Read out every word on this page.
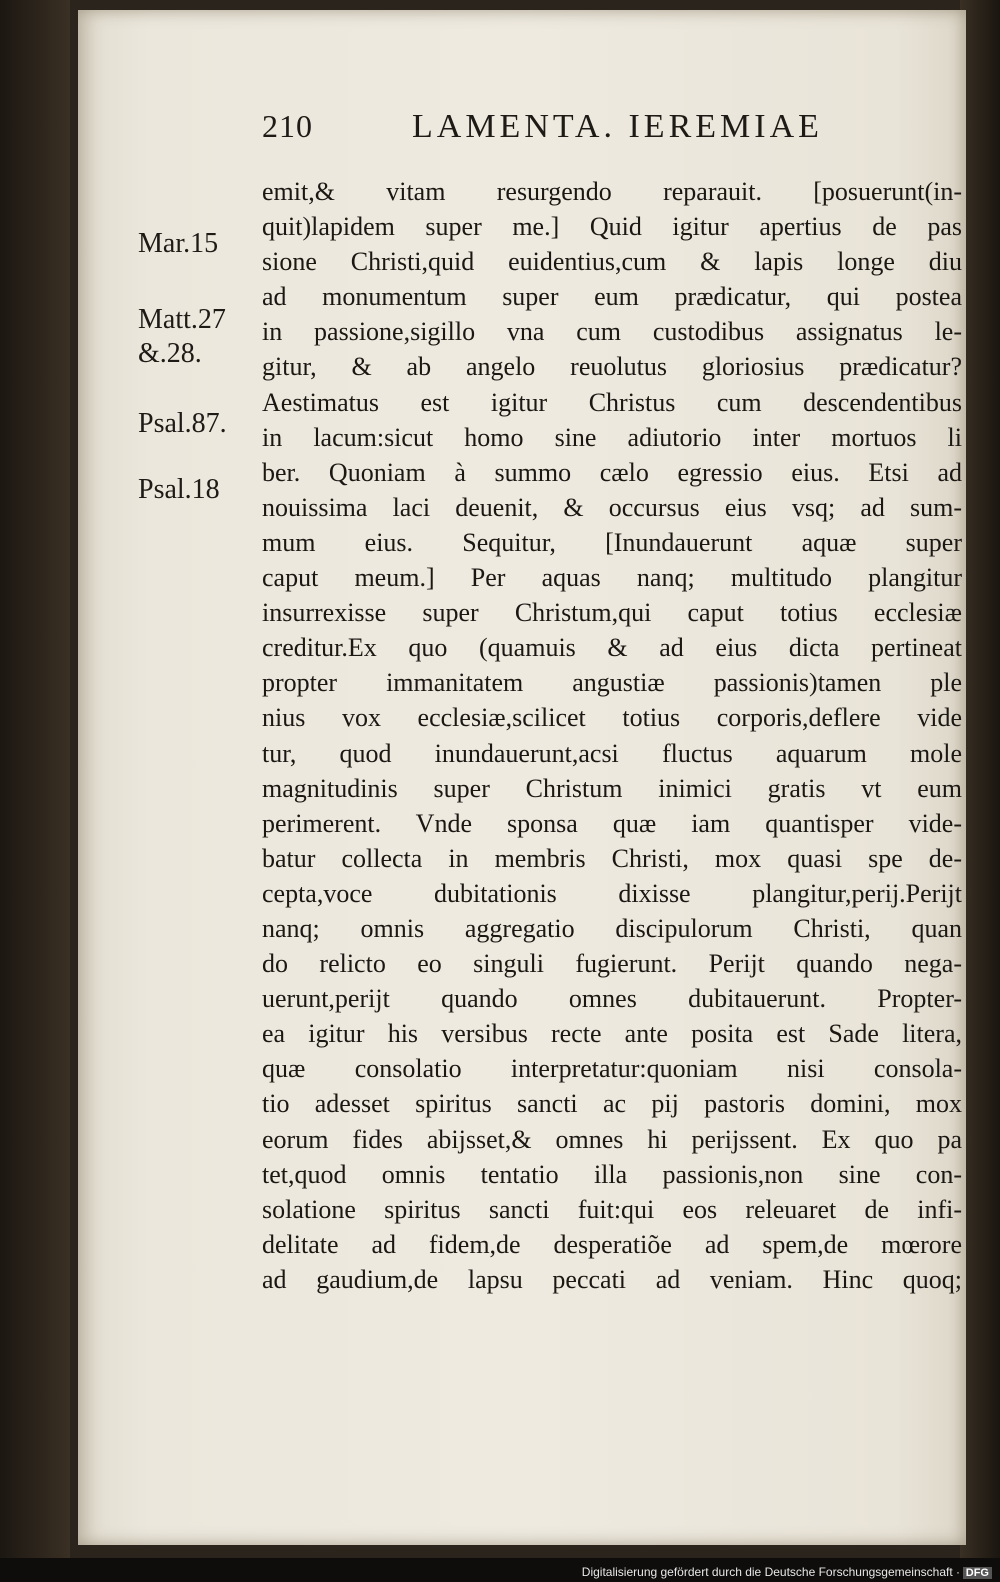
210	LAMENTA. IEREMIAE
Mar.15
Matt.27
&.28.
Psal.87.
Psal.18
emit,& vitam resurgendo reparauit. [posuerunt(in-
quit)lapidem super me.] Quid igitur apertius de pas
sione Christi,quid euidentius,cum & lapis longe diu
ad monumentum super eum prædicatur, qui postea
in passione,sigillo vna cum custodibus assignatus le-
gitur, & ab angelo reuolutus gloriosius prædicatur?
Aestimatus est igitur Christus cum descendentibus
in lacum:sicut homo sine adiutorio inter mortuos li
ber. Quoniam à summo cælo egressio eius. Etsi ad
nouissima laci deuenit, & occursus eius vsq; ad sum-
mum eius. Sequitur, [Inundauerunt aquæ super
caput meum.] Per aquas nanq; multitudo plangitur
insurrexisse super Christum,qui caput totius ecclesiæ
creditur.Ex quo (quamuis & ad eius dicta pertineat
propter immanitatem angustiæ passionis)tamen ple
nius vox ecclesiæ,scilicet totius corporis,deflere vide
tur, quod inundauerunt,acsi fluctus aquarum mole
magnitudinis super Christum inimici gratis vt eum
perimerent. Vnde sponsa quæ iam quantisper vide-
batur collecta in membris Christi, mox quasi spe de-
cepta,voce dubitationis dixisse plangitur,perij.Perijt
nanq; omnis aggregatio discipulorum Christi, quan
do relicto eo singuli fugierunt. Perijt quando nega-
uerunt,perijt quando omnes dubitauerunt. Propter-
ea igitur his versibus recte ante posita est Sade litera,
quæ consolatio interpretatur:quoniam nisi consola-
tio adesset spiritus sancti ac pij pastoris domini, mox
eorum fides abijsset,& omnes hi perijssent. Ex quo pa
tet,quod omnis tentatio illa passionis,non sine con-
solatione spiritus sancti fuit:qui eos releuaret de infi-
delitate ad fidem,de desperatiõe ad spem,de mœrore
ad gaudium,de lapsu peccati ad veniam. Hinc quoq;
Digitalisierung gefördert durch die Deutsche Forschungsgemeinschaft · DFG
